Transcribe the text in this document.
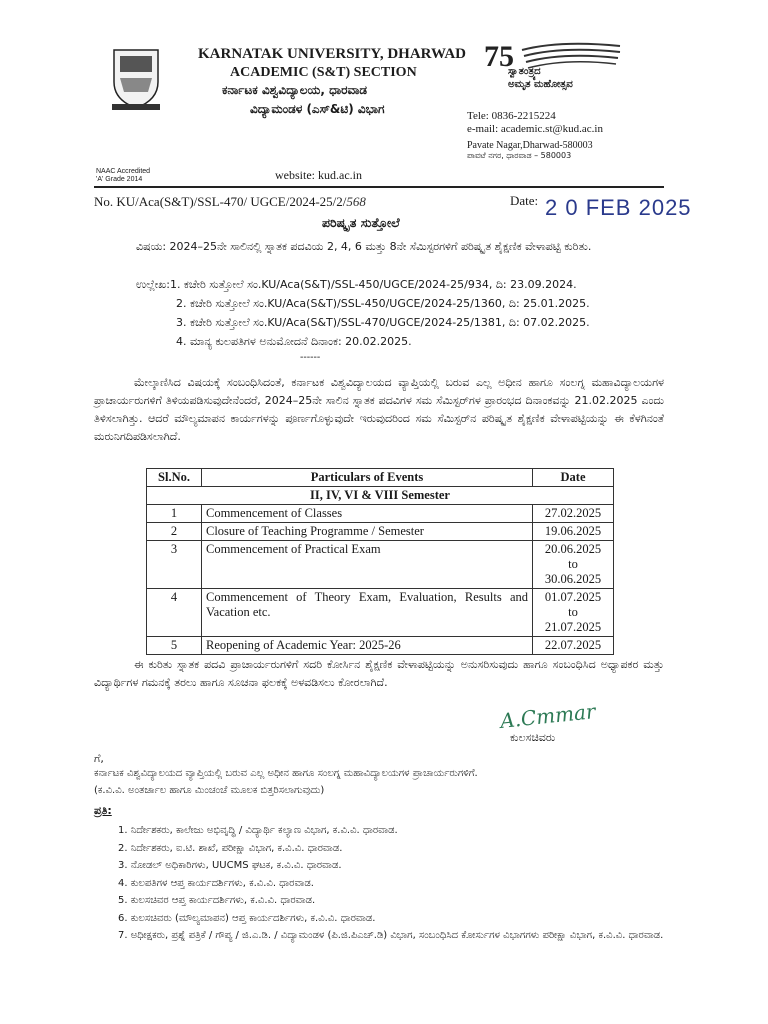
KARNATAK UNIVERSITY, DHARWAD
ACADEMIC (S&T) SECTION
ಕರ್ನಾಟಕ ವಿಶ್ವವಿದ್ಯಾಲಯ, ಧಾರವಾಡ
ವಿದ್ಯಾಮಂಡಳ (ಎಸ್&ಟಿ) ವಿಭಾಗ
NAAC Accredited
'A' Grade 2014	website: kud.ac.in
75
ಸ್ವಾತಂತ್ರ್ಯದ
ಅಮೃತ ಮಹೋತ್ಸವ
Tele: 0836-2215224
e-mail: academic.st@kud.ac.in
Pavate Nagar,Dharwad-580003
ಪಾವಟೆ ನಗರ, ಧಾರವಾಡ – 580003
No. KU/Aca(S&T)/SSL-470/ UGCE/2024-25/2/568	Date: 2 0 FEB 2025
ಪರಿಷ್ಕೃತ ಸುತ್ತೋಲೆ
ವಿಷಯ: 2024–25ನೇ ಸಾಲಿನಲ್ಲಿ ಸ್ನಾತಕ ಪದವಿಯ 2, 4, 6 ಮತ್ತು 8ನೇ ಸೆಮಿಸ್ಟರಗಳಿಗೆ ಪರಿಷ್ಕೃತ ಶೈಕ್ಷಣಿಕ ವೇಳಾಪಟ್ಟಿ ಕುರಿತು.
ಉಲ್ಲೇಖ:1. ಕಚೇರಿ ಸುತ್ತೋಲೆ ಸಂ.KU/Aca(S&T)/SSL-450/UGCE/2024-25/934, ದಿ: 23.09.2024.
2. ಕಚೇರಿ ಸುತ್ತೋಲೆ ಸಂ.KU/Aca(S&T)/SSL-450/UGCE/2024-25/1360, ದಿ: 25.01.2025.
3. ಕಚೇರಿ ಸುತ್ತೋಲೆ ಸಂ.KU/Aca(S&T)/SSL-470/UGCE/2024-25/1381, ದಿ: 07.02.2025.
4. ಮಾನ್ಯ ಕುಲಪತಿಗಳ ಅನುಮೋದನೆ ದಿನಾಂಕ: 20.02.2025.
------
ಮೇಲ್ಕಾಣಿಸಿದ ವಿಷಯಕ್ಕೆ ಸಂಬಂಧಿಸಿದಂತೆ, ಕರ್ನಾಟಕ ವಿಶ್ವವಿದ್ಯಾಲಯದ ವ್ಯಾಪ್ತಿಯಲ್ಲಿ ಬರುವ ಎಲ್ಲ ಅಧೀನ ಹಾಗೂ ಸಂಲಗ್ನ ಮಹಾವಿದ್ಯಾಲಯಗಳ ಪ್ರಾಚಾರ್ಯರುಗಳಿಗೆ ತಿಳಿಯಪಡಿಸುವುದೇನೆಂದರೆ, 2024–25ನೇ ಸಾಲಿನ ಸ್ನಾತಕ ಪದವಿಗಳ ಸಮ ಸೆಮಿಸ್ಟರ್‌ಗಳ ಪ್ರಾರಂಭದ ದಿನಾಂಕವನ್ನು 21.02.2025 ಎಂದು ತಿಳಿಸಲಾಗಿತ್ತು. ಆದರೆ ಮೌಲ್ಯಮಾಪನ ಕಾರ್ಯಗಳನ್ನು ಪೂರ್ಣಗೊಳ್ಳುವುದೇ ಇರುವುದರಿಂದ ಸಮ ಸೆಮಿಸ್ಟರ್‌ನ ಪರಿಷ್ಕೃತ ಶೈಕ್ಷಣಿಕ ವೇಳಾಪಟ್ಟಿಯನ್ನು ಈ ಕೆಳಗಿನಂತೆ ಮರುನಿಗದಿಪಡಿಸಲಾಗಿದೆ.
Sl.No.	Particulars of Events	Date
II, IV, VI & VIII Semester		
1	Commencement of Classes	27.02.2025
2	Closure of Teaching Programme / Semester	19.06.2025
3	Commencement of Practical Exam	20.06.2025
to
30.06.2025
4	Commencement of Theory Exam, Evaluation, Results and Vacation etc.	01.07.2025
to
21.07.2025
5	Reopening of Academic Year: 2025-26	22.07.2025
ಈ ಕುರಿತು ಸ್ನಾತಕ ಪದವಿ ಪ್ರಾಚಾರ್ಯರುಗಳಿಗೆ ಸದರಿ ಕೋರ್ಸಿನ ಶೈಕ್ಷಣಿಕ ವೇಳಾಪಟ್ಟಿಯನ್ನು ಅನುಸರಿಸುವುದು ಹಾಗೂ ಸಂಬಂಧಿಸಿದ ಅಧ್ಯಾಪಕರ ಮತ್ತು ವಿದ್ಯಾರ್ಥಿಗಳ ಗಮನಕ್ಕೆ ತರಲು ಹಾಗೂ ಸೂಚನಾ ಫಲಕಕ್ಕೆ ಅಳವಡಿಸಲು ಕೋರಲಾಗಿದೆ.
A.Cmmar
ಕುಲಸಚಿವರು
ಗೆ,
ಕರ್ನಾಟಕ ವಿಶ್ವವಿದ್ಯಾಲಯದ ವ್ಯಾಪ್ತಿಯಲ್ಲಿ ಬರುವ ಎಲ್ಲ ಅಧೀನ ಹಾಗೂ ಸಂಲಗ್ನ ಮಹಾವಿದ್ಯಾಲಯಗಳ ಪ್ರಾಚಾರ್ಯರುಗಳಿಗೆ.
(ಕ.ವಿ.ವಿ. ಅಂತರ್ಜಾಲ ಹಾಗೂ ಮಿಂಚಂಚೆ ಮೂಲಕ ಬಿತ್ತರಿಸಲಾಗುವುದು)
ಪ್ರತಿ:
1. ನಿರ್ದೇಶಕರು, ಕಾಲೇಜು ಅಭಿವೃದ್ಧಿ / ವಿದ್ಯಾರ್ಥಿ ಕಲ್ಯಾಣ ವಿಭಾಗ, ಕ.ವಿ.ವಿ. ಧಾರವಾಡ.
2. ನಿರ್ದೇಶಕರು, ಐ.ಟಿ. ಶಾಖೆ, ಪರೀಕ್ಷಾ ವಿಭಾಗ, ಕ.ವಿ.ವಿ. ಧಾರವಾಡ.
3. ನೋಡಲ್ ಅಧಿಕಾರಿಗಳು, UUCMS ಘಟಕ, ಕ.ವಿ.ವಿ. ಧಾರವಾಡ.
4. ಕುಲಪತಿಗಳ ಆಪ್ತ ಕಾರ್ಯದರ್ಶಿಗಳು, ಕ.ವಿ.ವಿ. ಧಾರವಾಡ.
5. ಕುಲಸಚಿವರ ಆಪ್ತ ಕಾರ್ಯದರ್ಶಿಗಳು, ಕ.ವಿ.ವಿ. ಧಾರವಾಡ.
6. ಕುಲಸಚಿವರು (ಮೌಲ್ಯಮಾಪನ) ಆಪ್ತ ಕಾರ್ಯದರ್ಶಿಗಳು, ಕ.ವಿ.ವಿ. ಧಾರವಾಡ.
7. ಅಧೀಕ್ಷಕರು, ಪ್ರಶ್ನೆ ಪತ್ರಿಕೆ / ಗೌಪ್ಯ / ಜಿ.ಎ.ಡಿ. / ವಿದ್ಯಾಮಂಡಳ (ಪಿ.ಜಿ.ಪಿಎಚ್.ಡಿ) ವಿಭಾಗ, ಸಂಬಂಧಿಸಿದ ಕೋರ್ಸುಗಳ ವಿಭಾಗಗಳು ಪರೀಕ್ಷಾ ವಿಭಾಗ, ಕ.ವಿ.ವಿ. ಧಾರವಾಡ.
